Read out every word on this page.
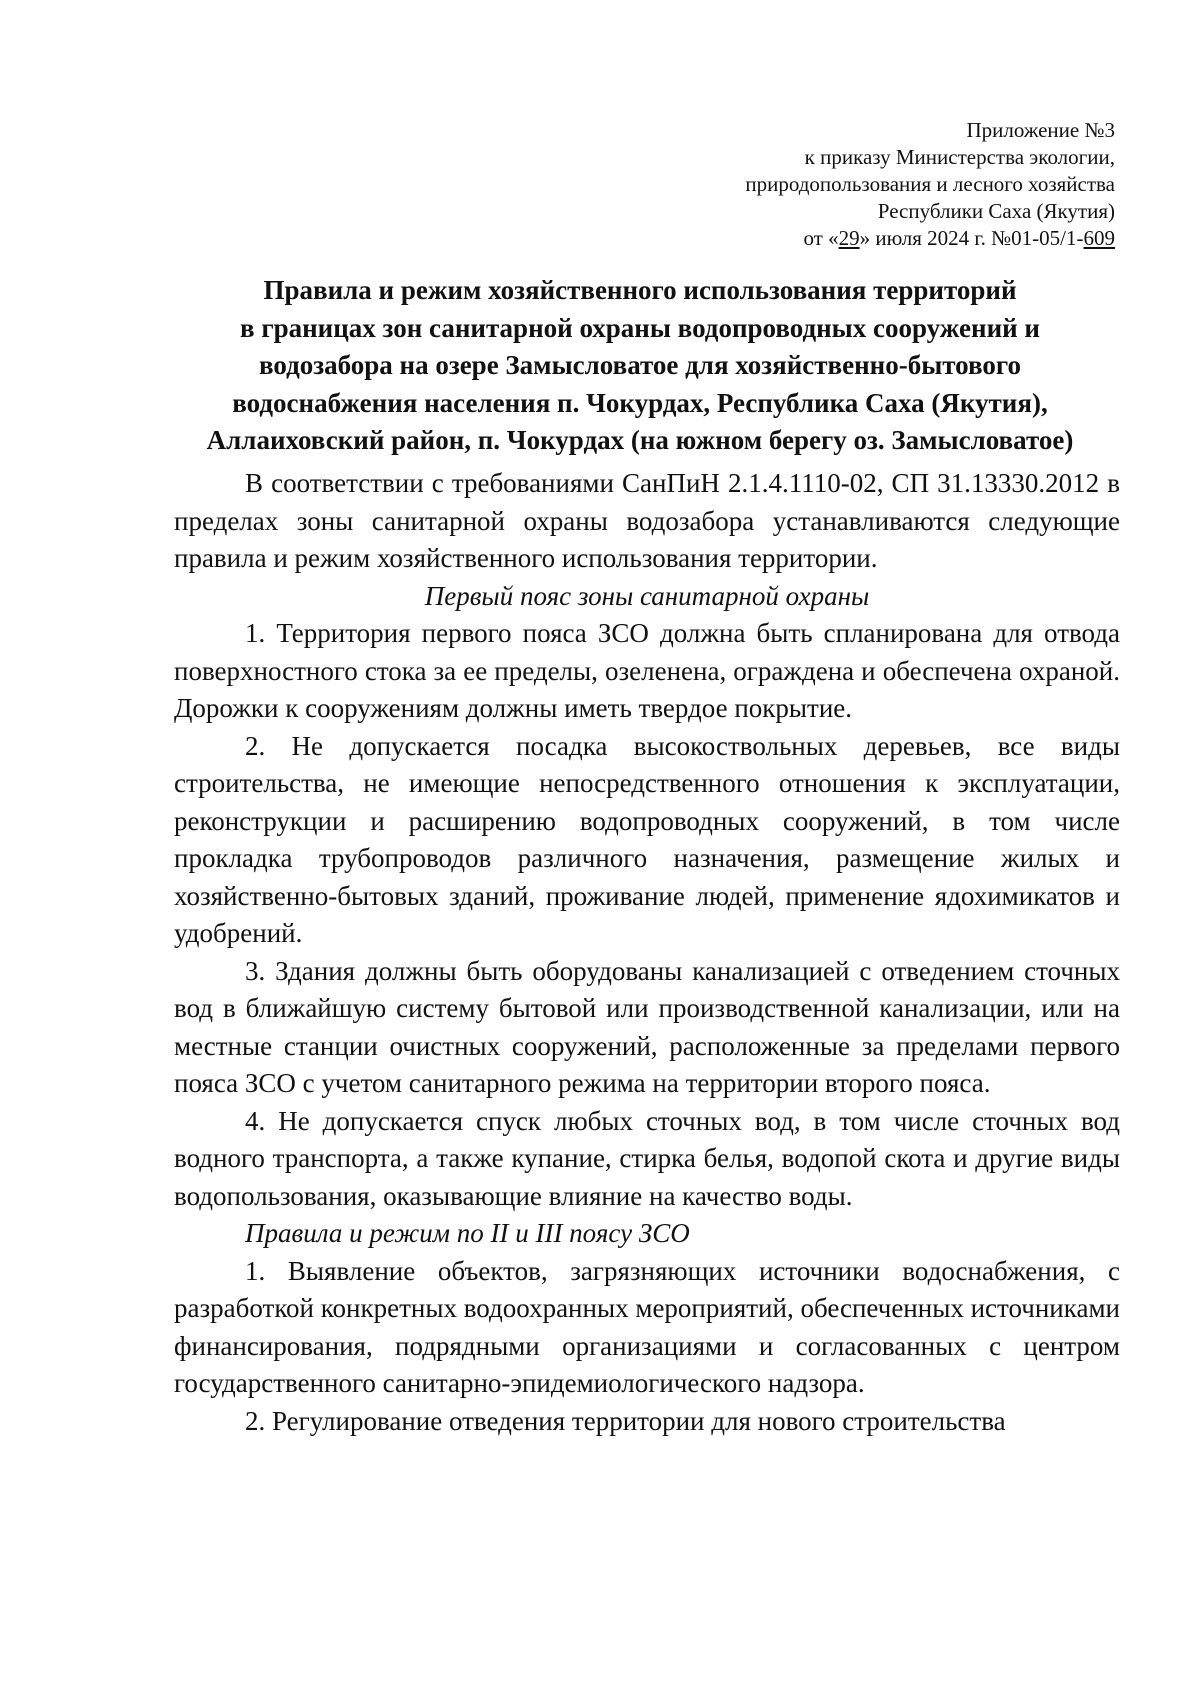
Приложение №3
к приказу Министерства экологии,
природопользования и лесного хозяйства
Республики Саха (Якутия)
от «29» июля 2024 г. №01-05/1-609
Правила и режим хозяйственного использования территорий
в границах зон санитарной охраны водопроводных сооружений и
водозабора на озере Замысловатое для хозяйственно-бытового
водоснабжения населения п. Чокурдах, Республика Саха (Якутия),
Аллаиховский район, п. Чокурдах (на южном берегу оз. Замысловатое)

В соответствии с требованиями СанПиН 2.1.4.1110-02, СП 31.13330.2012 в пределах зоны санитарной охраны водозабора устанавливаются следующие правила и режим хозяйственного использования территории.

Первый пояс зоны санитарной охраны

1. Территория первого пояса ЗСО должна быть спланирована для отвода поверхностного стока за ее пределы, озеленена, ограждена и обеспечена охраной. Дорожки к сооружениям должны иметь твердое покрытие.

2. Не допускается посадка высокоствольных деревьев, все виды строительства, не имеющие непосредственного отношения к эксплуатации, реконструкции и расширению водопроводных сооружений, в том числе прокладка трубопроводов различного назначения, размещение жилых и хозяйственно-бытовых зданий, проживание людей, применение ядохимикатов и удобрений.

3. Здания должны быть оборудованы канализацией с отведением сточных вод в ближайшую систему бытовой или производственной канализации, или на местные станции очистных сооружений, расположенные за пределами первого пояса ЗСО с учетом санитарного режима на территории второго пояса.

4. Не допускается спуск любых сточных вод, в том числе сточных вод водного транспорта, а также купание, стирка белья, водопой скота и другие виды водопользования, оказывающие влияние на качество воды.

Правила и режим по II и III поясу ЗСО

1. Выявление объектов, загрязняющих источники водоснабжения, с разработкой конкретных водоохранных мероприятий, обеспеченных источниками финансирования, подрядными организациями и согласованных с центром государственного санитарно-эпидемиологического надзора.

2. Регулирование отведения территории для нового строительства
